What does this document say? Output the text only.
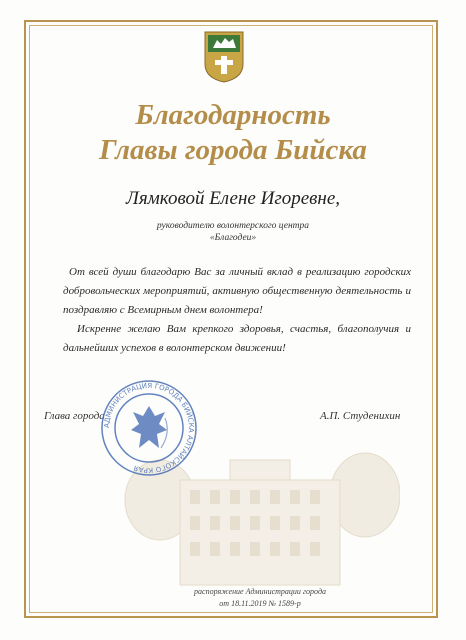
Благодарность
Главы города Бийска
Лямковой Елене Игоревне,
руководителю волонтерского центра
«Благодеи»

От всей души благодарю Вас за личный вклад в реализацию городских добровольческих мероприятий, активную общественную деятельность и поздравляю с Всемирным днем волонтера!

Искренне желаю Вам крепкого здоровья, счастья, благополучия и дальнейших успехов в волонтерском движении!

Глава города	А.П. Студенихин
АДМИНИСТРАЦИЯ ГОРОДА БИЙСКА АЛТАЙСКОГО КРАЯ
распоряжение Администрации города
от 18.11.2019 № 1589-р
